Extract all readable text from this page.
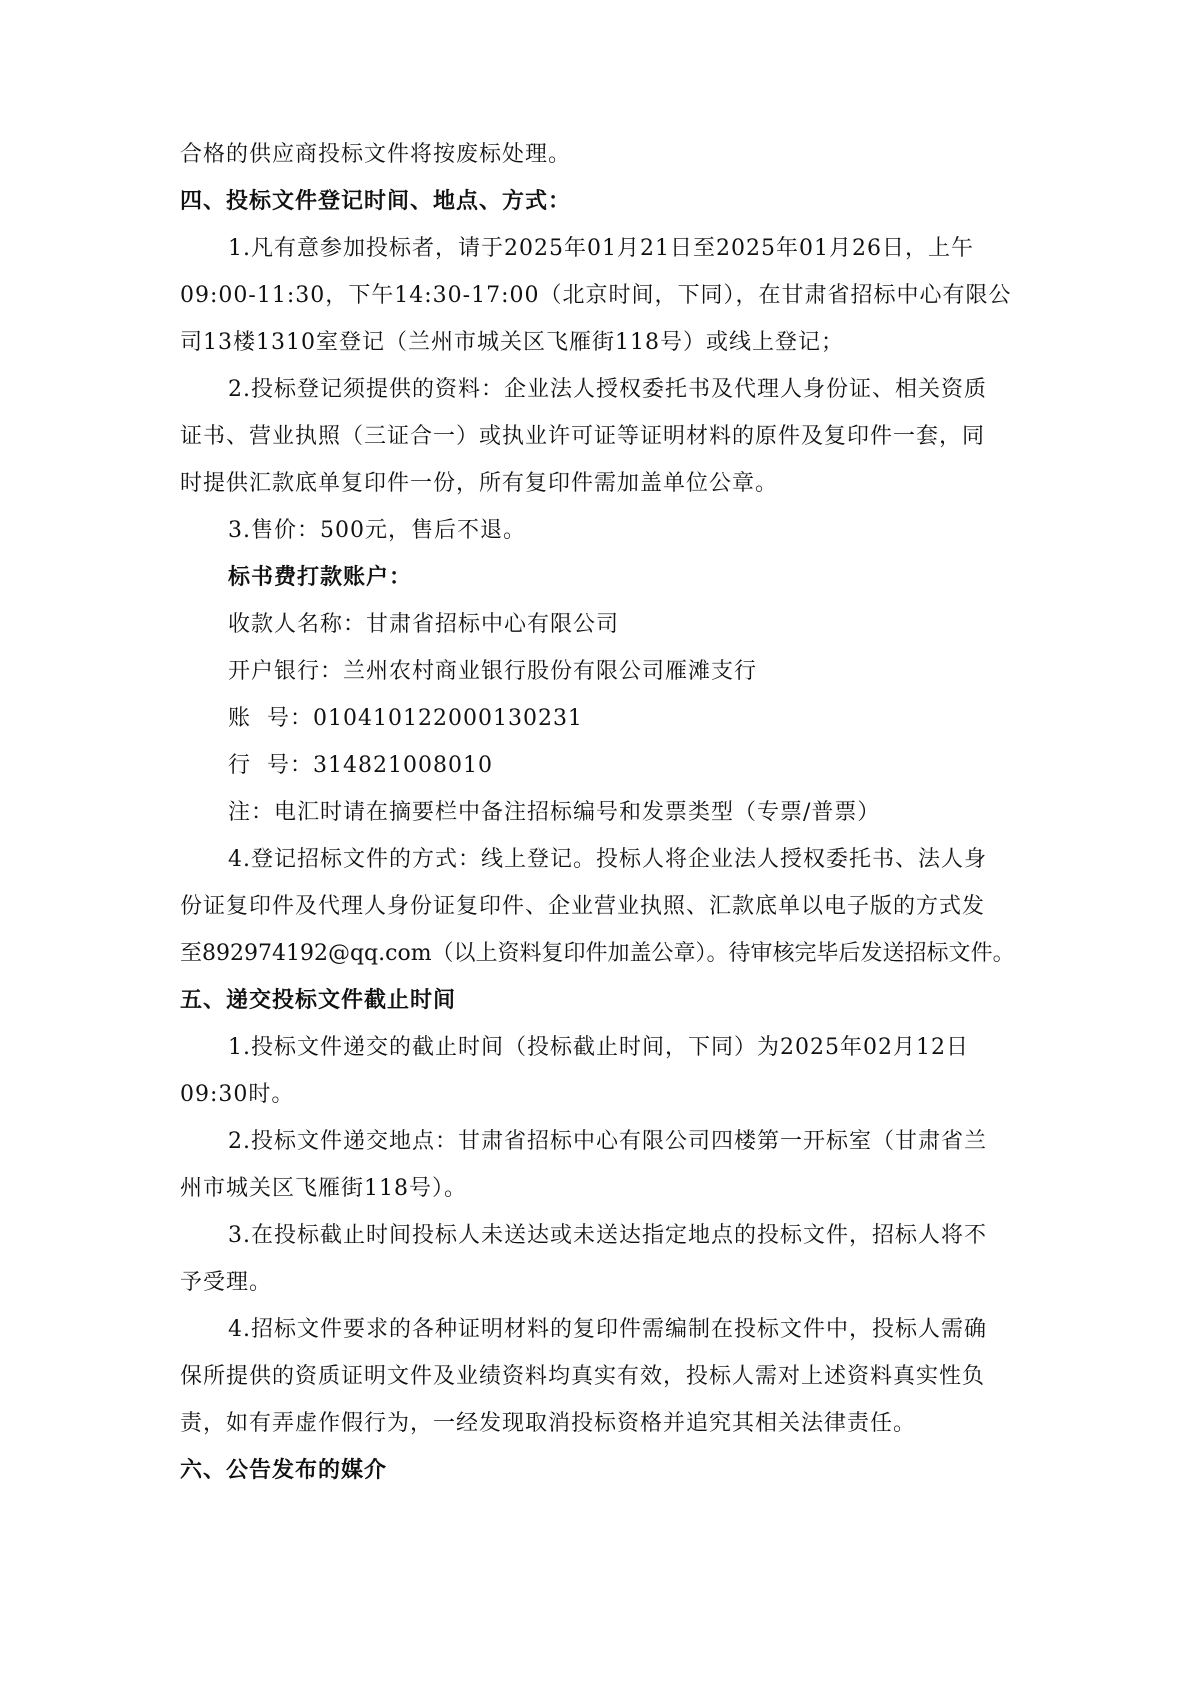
合格的供应商投标文件将按废标处理。
四、投标文件登记时间、地点、方式：
1.凡有意参加投标者，请于2025年01月21日至2025年01月26日，上午
09:00-11:30，下午14:30-17:00（北京时间，下同），在甘肃省招标中心有限公
司13楼1310室登记（兰州市城关区飞雁街118号）或线上登记；
2.投标登记须提供的资料：企业法人授权委托书及代理人身份证、相关资质
证书、营业执照（三证合一）或执业许可证等证明材料的原件及复印件一套，同
时提供汇款底单复印件一份，所有复印件需加盖单位公章。
3.售价：500元，售后不退。
标书费打款账户：
收款人名称：甘肃省招标中心有限公司
开户银行：兰州农村商业银行股份有限公司雁滩支行
账  号：010410122000130231
行  号：314821008010
注：电汇时请在摘要栏中备注招标编号和发票类型（专票/普票）
4.登记招标文件的方式：线上登记。投标人将企业法人授权委托书、法人身
份证复印件及代理人身份证复印件、企业营业执照、汇款底单以电子版的方式发
至892974192@qq.com（以上资料复印件加盖公章）。待审核完毕后发送招标文件。
五、递交投标文件截止时间
1.投标文件递交的截止时间（投标截止时间，下同）为2025年02月12日
09:30时。
2.投标文件递交地点：甘肃省招标中心有限公司四楼第一开标室（甘肃省兰
州市城关区飞雁街118号）。
3.在投标截止时间投标人未送达或未送达指定地点的投标文件，招标人将不
予受理。
4.招标文件要求的各种证明材料的复印件需编制在投标文件中，投标人需确
保所提供的资质证明文件及业绩资料均真实有效，投标人需对上述资料真实性负
责，如有弄虚作假行为，一经发现取消投标资格并追究其相关法律责任。
六、公告发布的媒介
